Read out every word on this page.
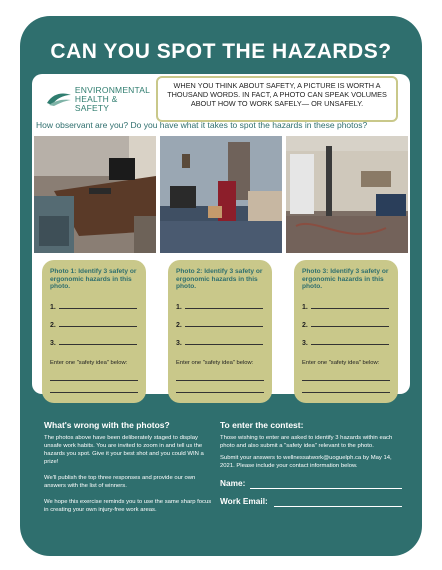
CAN YOU SPOT THE HAZARDS?
ENVIRONMENTAL
HEALTH & SAFETY
WHEN YOU THINK ABOUT SAFETY, A PICTURE IS WORTH A THOUSAND WORDS. IN FACT, A PHOTO CAN SPEAK VOLUMES ABOUT HOW TO WORK SAFELY— OR UNSAFELY.
How observant are you? Do you have what it takes to spot the hazards in these photos?
Photo 1: Identify 3 safety or ergonomic hazards in this photo.
1.
2.
3.
Enter one "safety idea" below:
Photo 2: Identify 3 safety or ergonomic hazards in this photo.
1.
2.
3.
Enter one "safety idea" below:
Photo 3: Identify 3 safety or ergonomic hazards in this photo.
1.
2.
3.
Enter one "safety idea" below:
What's wrong with the photos?
The photos above have been deliberately staged to display unsafe work habits. You are invited to zoom in and tell us the hazards you spot. Give it your best shot and you could WIN a prize!
We'll publish the top three responses and provide our own answers with the list of winners.
We hope this exercise reminds you to use the same sharp focus in creating your own injury-free work areas.
To enter the contest:
Those wishing to enter are asked to identify 3 hazards within each photo and also submit a "safety idea" relevant to the photo.
Submit your answers to wellnessatwork@uoguelph.ca by May 14, 2021. Please include your contact information below.
Name:
Work Email:
